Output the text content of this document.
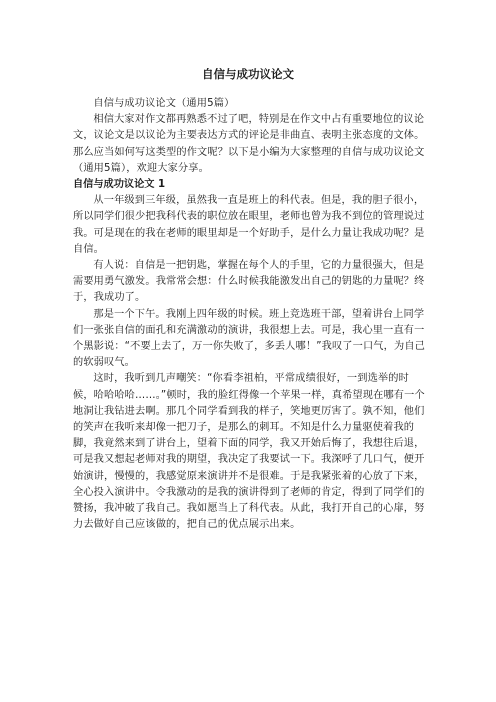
自信与成功议论文

自信与成功议论文（通用5篇）

相信大家对作文都再熟悉不过了吧，特别是在作文中占有重要地位的议论文，议论文是以议论为主要表达方式的评论是非曲直、表明主张态度的文体。那么应当如何写这类型的作文呢？以下是小编为大家整理的自信与成功议论文（通用5篇），欢迎大家分享。

自信与成功议论文 1

从一年级到三年级，虽然我一直是班上的科代表。但是，我的胆子很小，所以同学们很少把我科代表的职位放在眼里，老师也曾为我不到位的管理说过我。可是现在的我在老师的眼里却是一个好助手，是什么力量让我成功呢？是自信。

有人说：自信是一把钥匙，掌握在每个人的手里，它的力量很强大，但是需要用勇气激发。我常常会想：什么时候我能激发出自己的钥匙的力量呢？终于，我成功了。

那是一个下午。我刚上四年级的时候。班上竞选班干部，望着讲台上同学们一张张自信的面孔和充满激动的演讲，我很想上去。可是，我心里一直有一个黑影说：“不要上去了，万一你失败了，多丢人哪！”我叹了一口气，为自己的软弱叹气。

这时，我听到几声嘲笑：“你看李祖柏，平常成绩很好，一到选举的时候，哈哈哈哈……。”顿时，我的脸红得像一个苹果一样，真希望现在哪有一个地洞让我钻进去啊。那几个同学看到我的样子，笑地更厉害了。孰不知，他们的笑声在我听来却像一把刀子，是那么的刺耳。不知是什么力量驱使着我的脚，我竟然来到了讲台上，望着下面的同学，我又开始后悔了，我想往后退，可是我又想起老师对我的期望，我决定了我要试一下。我深呼了几口气，便开始演讲，慢慢的，我感觉原来演讲并不是很难。于是我紧张着的心放了下来，全心投入演讲中。令我激动的是我的演讲得到了老师的肯定，得到了同学们的赞扬，我冲破了我自己。我如愿当上了科代表。从此，我打开自己的心扉，努力去做好自己应该做的，把自己的优点展示出来。
